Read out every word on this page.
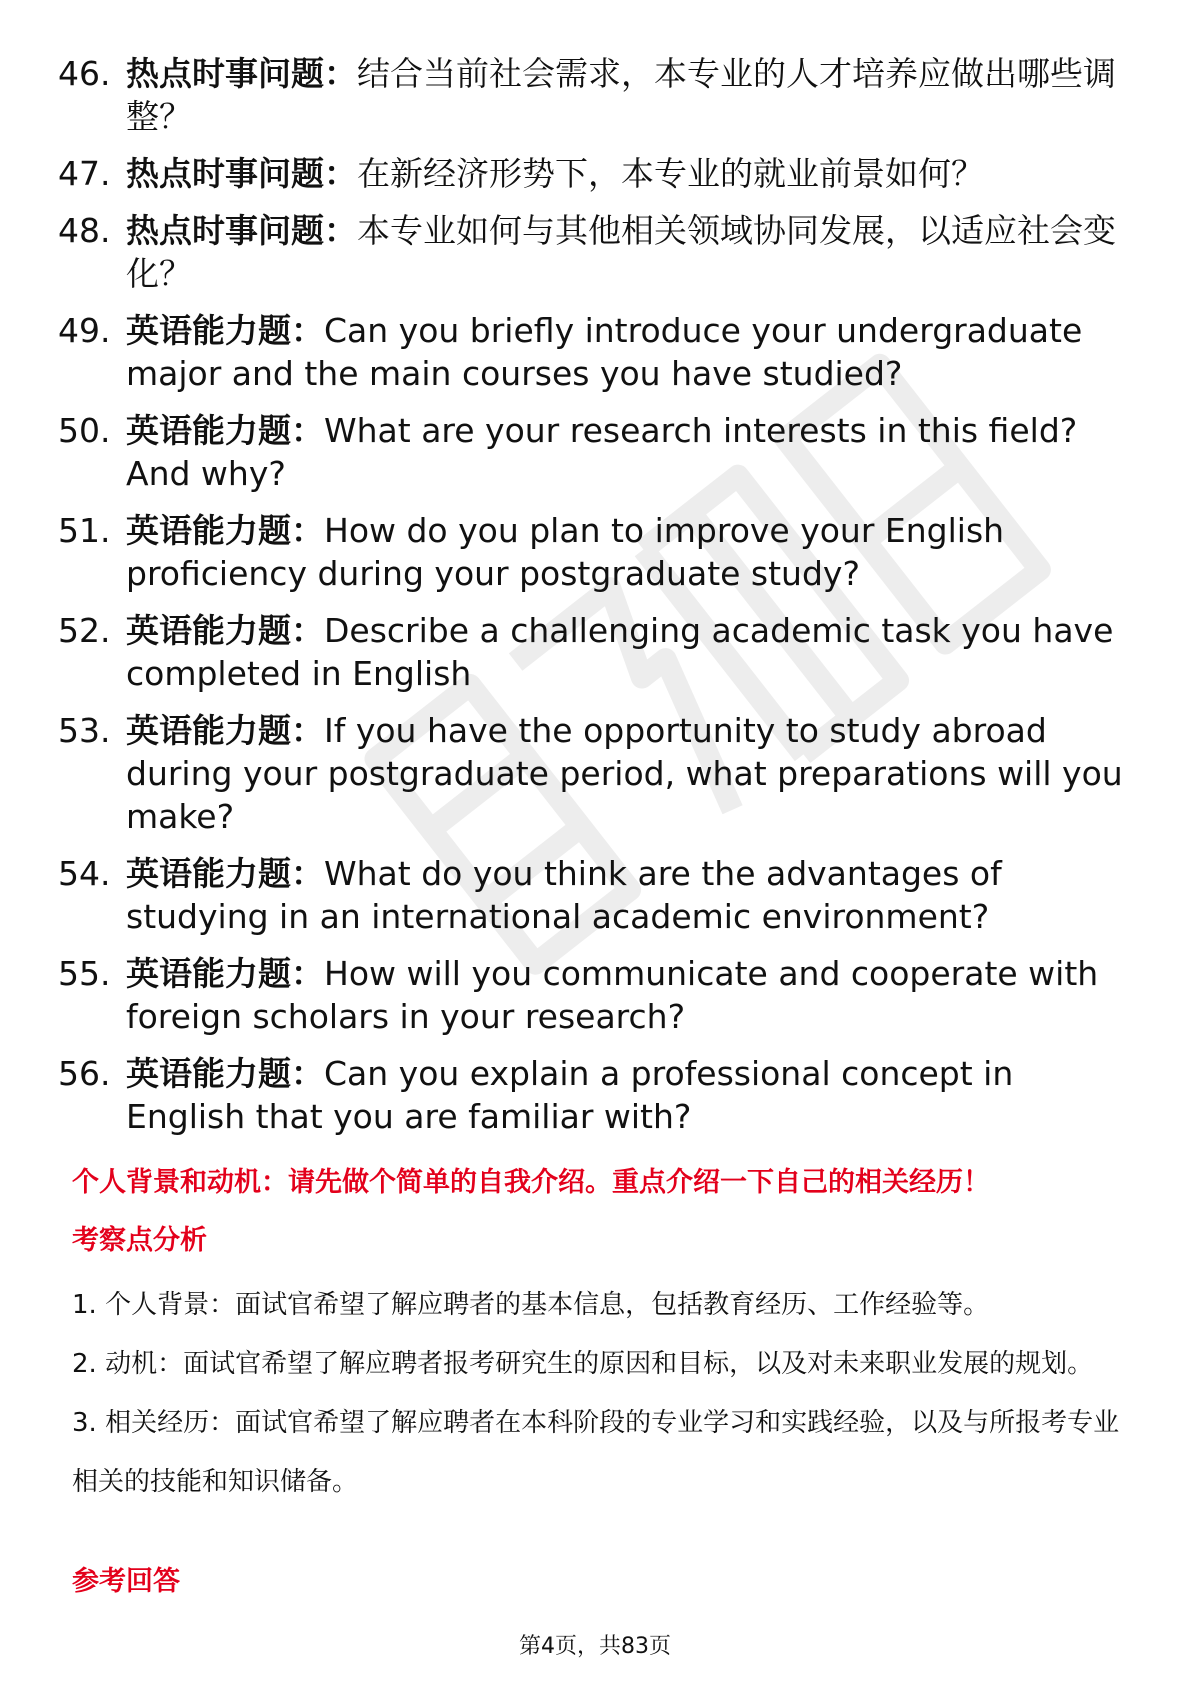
46. 热点时事问题：结合当前社会需求，本专业的人才培养应做出哪些调整？
47. 热点时事问题：在新经济形势下，本专业的就业前景如何？
48. 热点时事问题：本专业如何与其他相关领域协同发展，以适应社会变化？
49. 英语能力题：Can you briefly introduce your undergraduate major and the main courses you have studied?
50. 英语能力题：What are your research interests in this field? And why?
51. 英语能力题：How do you plan to improve your English proficiency during your postgraduate study?
52. 英语能力题：Describe a challenging academic task you have completed in English
53. 英语能力题：If you have the opportunity to study abroad during your postgraduate period, what preparations will you make?
54. 英语能力题：What do you think are the advantages of studying in an international academic environment?
55. 英语能力题：How will you communicate and cooperate with foreign scholars in your research?
56. 英语能力题：Can you explain a professional concept in English that you are familiar with?
个人背景和动机：请先做个简单的自我介绍。重点介绍一下自己的相关经历！
考察点分析

1. 个人背景：面试官希望了解应聘者的基本信息，包括教育经历、工作经验等。

2. 动机：面试官希望了解应聘者报考研究生的原因和目标，以及对未来职业发展的规划。

3. 相关经历：面试官希望了解应聘者在本科阶段的专业学习和实践经验，以及与所报考专业相关的技能和知识储备。

参考回答
第4页，共83页
